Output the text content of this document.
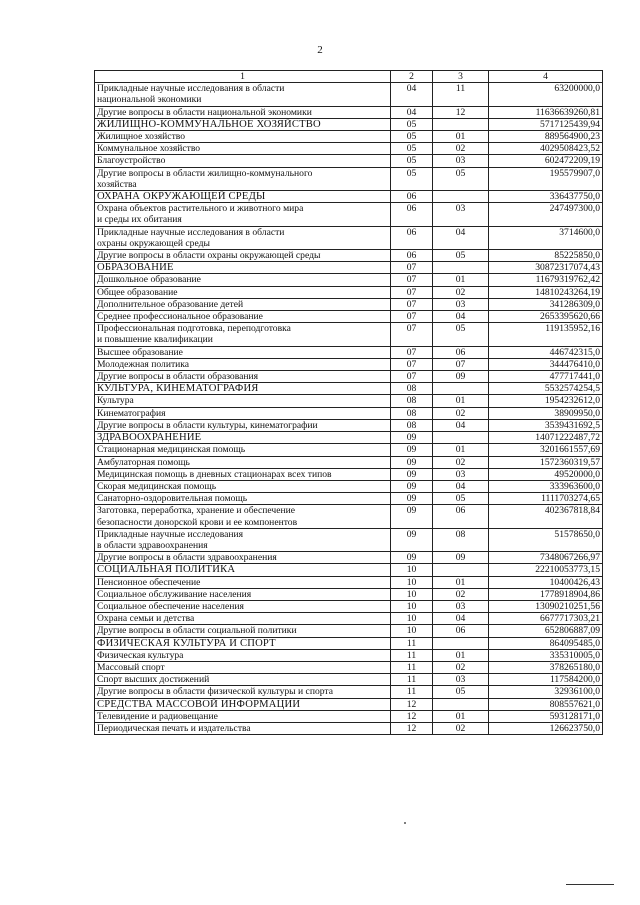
2
1	2	3	4

Прикладные научные исследования в области
национальной экономики	04	11	63200000,0

Другие вопросы в области национальной экономики	04	12	11636639260,81

ЖИЛИЩНО-КОММУНАЛЬНОЕ ХОЗЯЙСТВО	05		5717125439,94

Жилищное хозяйство	05	01	889564900,23

Коммунальное хозяйство	05	02	4029508423,52

Благоустройство	05	03	602472209,19

Другие вопросы в области жилищно-коммунального
хозяйства	05	05	195579907,0

ОХРАНА ОКРУЖАЮЩЕЙ СРЕДЫ	06		336437750,0

Охрана объектов растительного и животного мира
и среды их обитания	06	03	247497300,0

Прикладные научные исследования в области
охраны окружающей среды	06	04	3714600,0

Другие вопросы в области охраны окружающей среды	06	05	85225850,0

ОБРАЗОВАНИЕ	07		30872317074,43

Дошкольное образование	07	01	11679319762,42

Общее образование	07	02	14810243264,19

Дополнительное образование детей	07	03	341286309,0

Среднее профессиональное образование	07	04	2653395620,66

Профессиональная подготовка, переподготовка
и повышение квалификации	07	05	119135952,16

Высшее образование	07	06	446742315,0

Молодежная политика	07	07	344476410,0

Другие вопросы в области образования	07	09	477717441,0

КУЛЬТУРА, КИНЕМАТОГРАФИЯ	08		5532574254,5

Культура	08	01	1954232612,0

Кинематография	08	02	38909950,0

Другие вопросы в области культуры, кинематографии	08	04	3539431692,5

ЗДРАВООХРАНЕНИЕ	09		14071222487,72

Стационарная медицинская помощь	09	01	3201661557,69

Амбулаторная помощь	09	02	1572360319,57

Медицинская помощь в дневных стационарах всех типов	09	03	49520000,0

Скорая медицинская помощь	09	04	333963600,0

Санаторно-оздоровительная помощь	09	05	1111703274,65

Заготовка, переработка, хранение и обеспечение
безопасности донорской крови и ее компонентов	09	06	402367818,84

Прикладные научные исследования
в области здравоохранения	09	08	51578650,0

Другие вопросы в области здравоохранения	09	09	7348067266,97

СОЦИАЛЬНАЯ ПОЛИТИКА	10		22210053773,15

Пенсионное обеспечение	10	01	10400426,43

Социальное обслуживание населения	10	02	1778918904,86

Социальное обеспечение населения	10	03	13090210251,56

Охрана семьи и детства	10	04	6677717303,21

Другие вопросы в области социальной политики	10	06	652806887,09

ФИЗИЧЕСКАЯ КУЛЬТУРА И СПОРТ	11		864095485,0

Физическая культура	11	01	335310005,0

Массовый спорт	11	02	378265180,0

Спорт высших достижений	11	03	117584200,0

Другие вопросы в области физической культуры и спорта	11	05	32936100,0

СРЕДСТВА МАССОВОЙ ИНФОРМАЦИИ	12		808557621,0

Телевидение и радиовещание	12	01	593128171,0

Периодическая печать и издательства	12	02	126623750,0
